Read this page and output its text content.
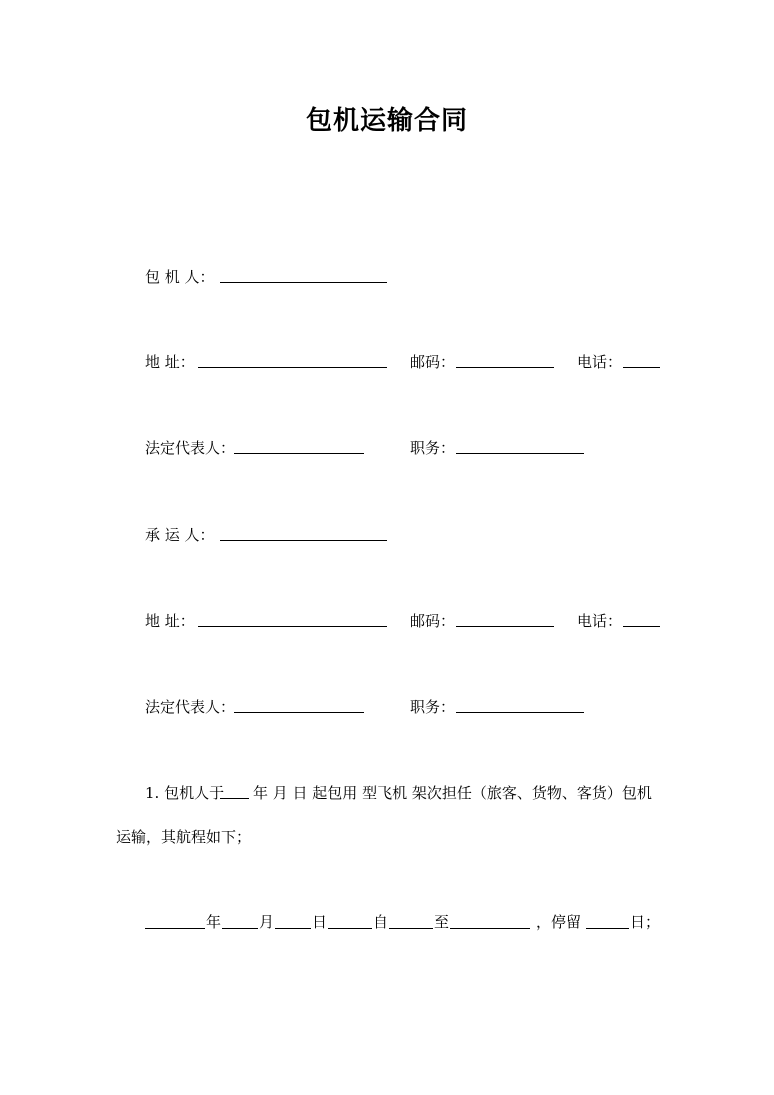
包机运输合同
包 机 人：
地 址：	邮码：	电话：
法定代表人：	职务：
承 运 人：
地 址：	邮码：	电话：
法定代表人：	职务：
1. 包机人于 年 月 日 起包用 型飞机 架次担任（旅客、货物、客货）包机
运输，其航程如下；
年	月	日	自	至	，停留	日；
